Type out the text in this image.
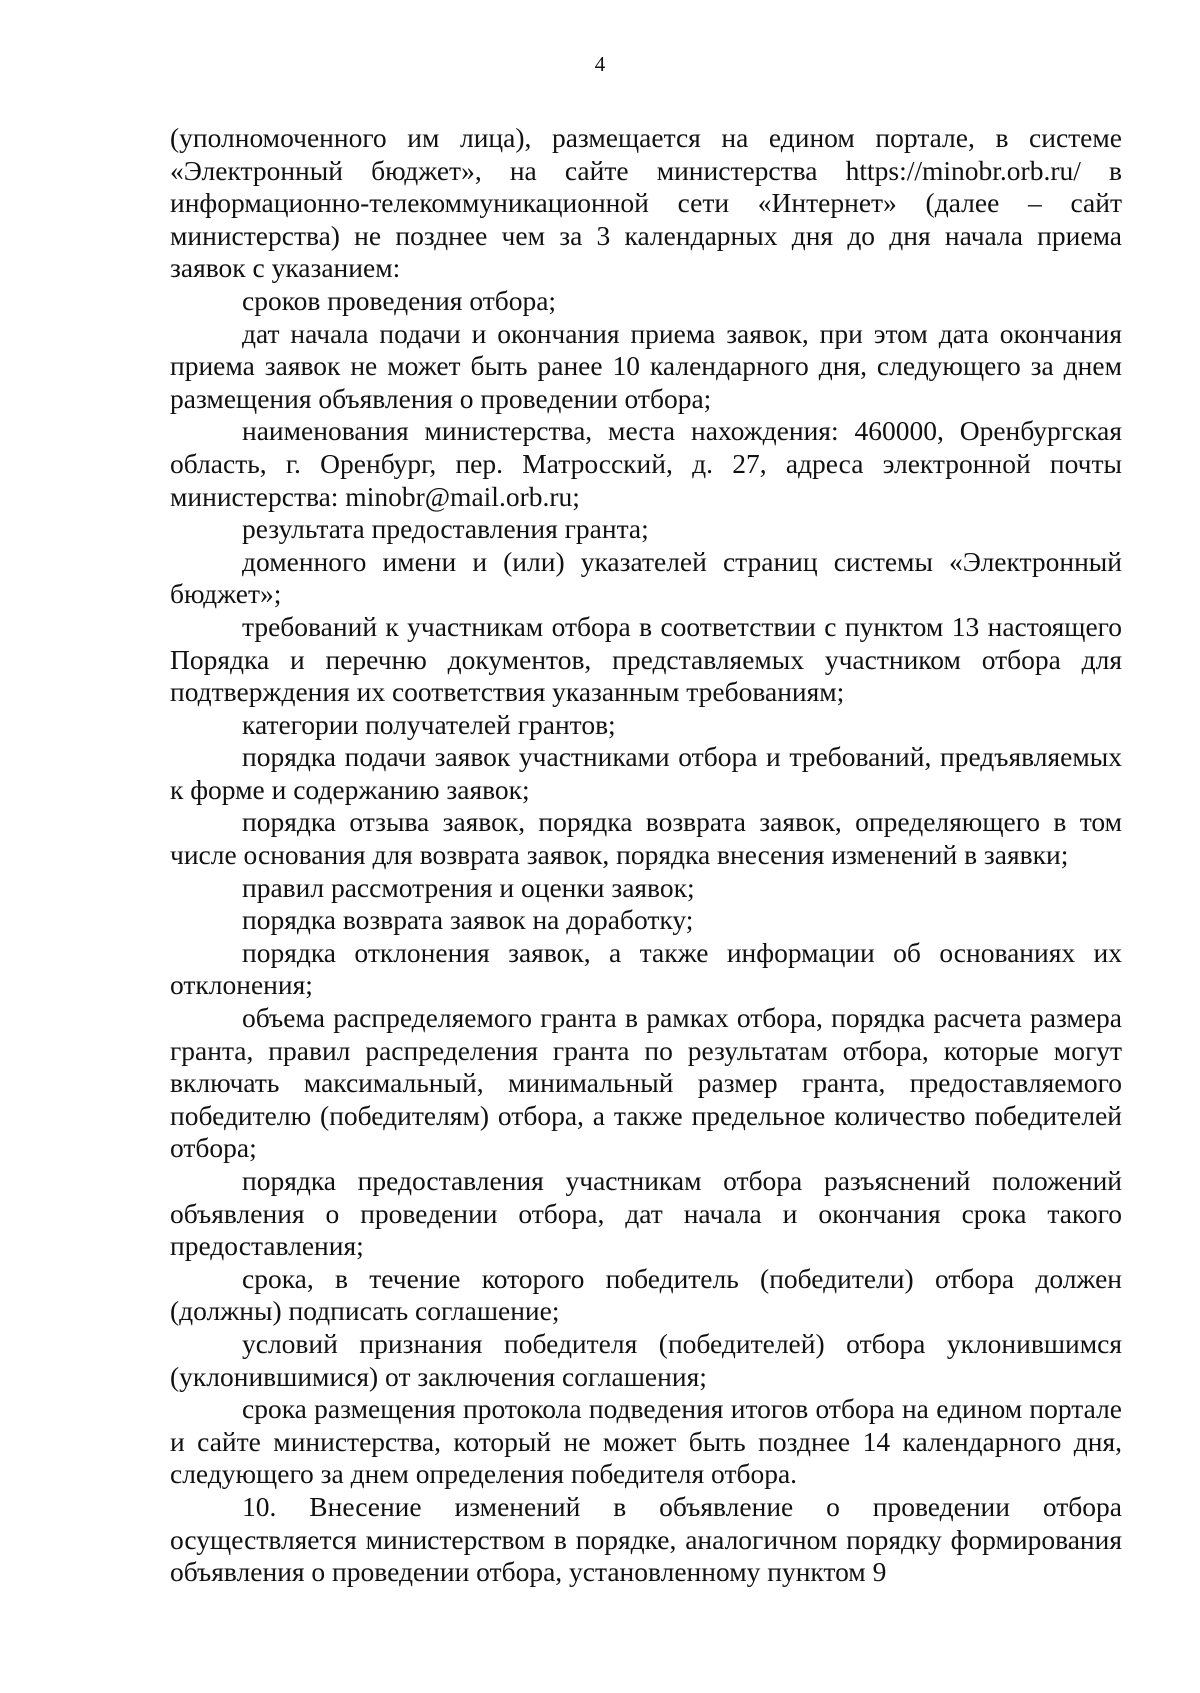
4

(уполномоченного им лица), размещается на едином портале, в системе «Электронный бюджет», на сайте министерства https://minobr.orb.ru/ в информационно-телекоммуникационной сети «Интернет» (далее – сайт министерства) не позднее чем за 3 календарных дня до дня начала приема заявок с указанием:

сроков проведения отбора;

дат начала подачи и окончания приема заявок, при этом дата окончания приема заявок не может быть ранее 10 календарного дня, следующего за днем размещения объявления о проведении отбора;

наименования министерства, места нахождения: 460000, Оренбургская область, г. Оренбург, пер. Матросский, д. 27, адреса электронной почты министерства: minobr@mail.orb.ru;

результата предоставления гранта;

доменного имени и (или) указателей страниц системы «Электронный бюджет»;

требований к участникам отбора в соответствии с пунктом 13 настоящего Порядка и перечню документов, представляемых участником отбора для подтверждения их соответствия указанным требованиям;

категории получателей грантов;

порядка подачи заявок участниками отбора и требований, предъявляемых к форме и содержанию заявок;

порядка отзыва заявок, порядка возврата заявок, определяющего в том числе основания для возврата заявок, порядка внесения изменений в заявки;

правил рассмотрения и оценки заявок;

порядка возврата заявок на доработку;

порядка отклонения заявок, а также информации об основаниях их отклонения;

объема распределяемого гранта в рамках отбора, порядка расчета размера гранта, правил распределения гранта по результатам отбора, которые могут включать максимальный, минимальный размер гранта, предоставляемого победителю (победителям) отбора, а также предельное количество победителей отбора;

порядка предоставления участникам отбора разъяснений положений объявления о проведении отбора, дат начала и окончания срока такого предоставления;

срока, в течение которого победитель (победители) отбора должен (должны) подписать соглашение;

условий признания победителя (победителей) отбора уклонившимся (уклонившимися) от заключения соглашения;

срока размещения протокола подведения итогов отбора на едином портале и сайте министерства, который не может быть позднее 14 календарного дня, следующего за днем определения победителя отбора.

10. Внесение изменений в объявление о проведении отбора осуществляется министерством в порядке, аналогичном порядку формирования объявления о проведении отбора, установленному пунктом 9
